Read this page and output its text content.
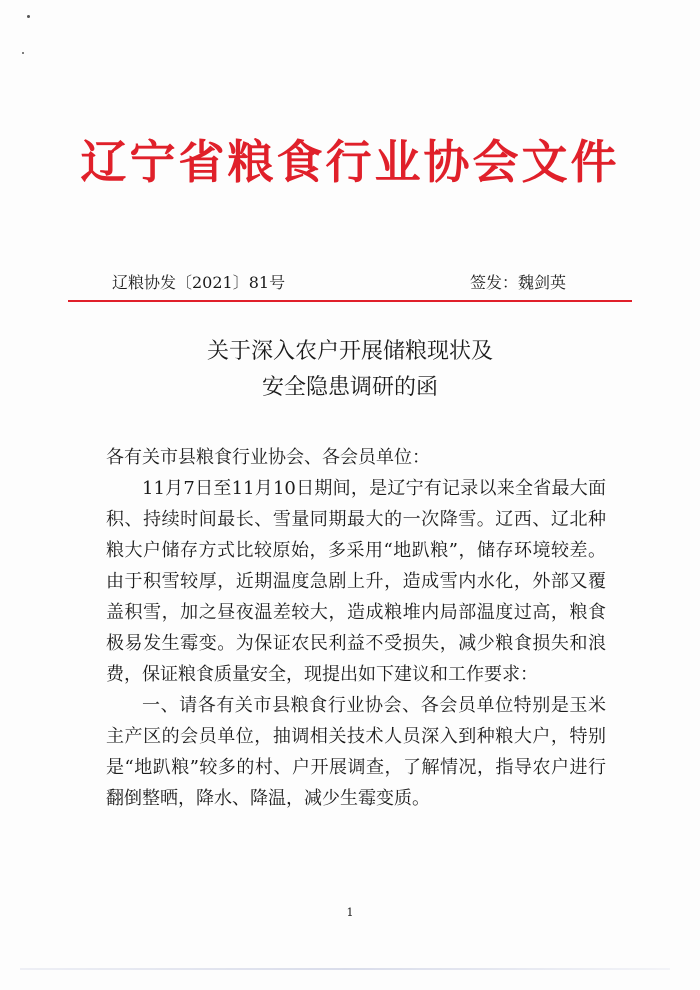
辽宁省粮食行业协会文件
辽粮协发〔2021〕81号	签发：魏剑英
关于深入农户开展储粮现状及
安全隐患调研的函

各有关市县粮食行业协会、各会员单位：

11月7日至11月10日期间，是辽宁有记录以来全省最大面积、持续时间最长、雪量同期最大的一次降雪。辽西、辽北种粮大户储存方式比较原始，多采用“地趴粮”，储存环境较差。由于积雪较厚，近期温度急剧上升，造成雪内水化，外部又覆盖积雪，加之昼夜温差较大，造成粮堆内局部温度过高，粮食极易发生霉变。为保证农民利益不受损失，减少粮食损失和浪费，保证粮食质量安全，现提出如下建议和工作要求：

一、请各有关市县粮食行业协会、各会员单位特别是玉米主产区的会员单位，抽调相关技术人员深入到种粮大户，特别是“地趴粮”较多的村、户开展调查，了解情况，指导农户进行翻倒整晒，降水、降温，减少生霉变质。

1
